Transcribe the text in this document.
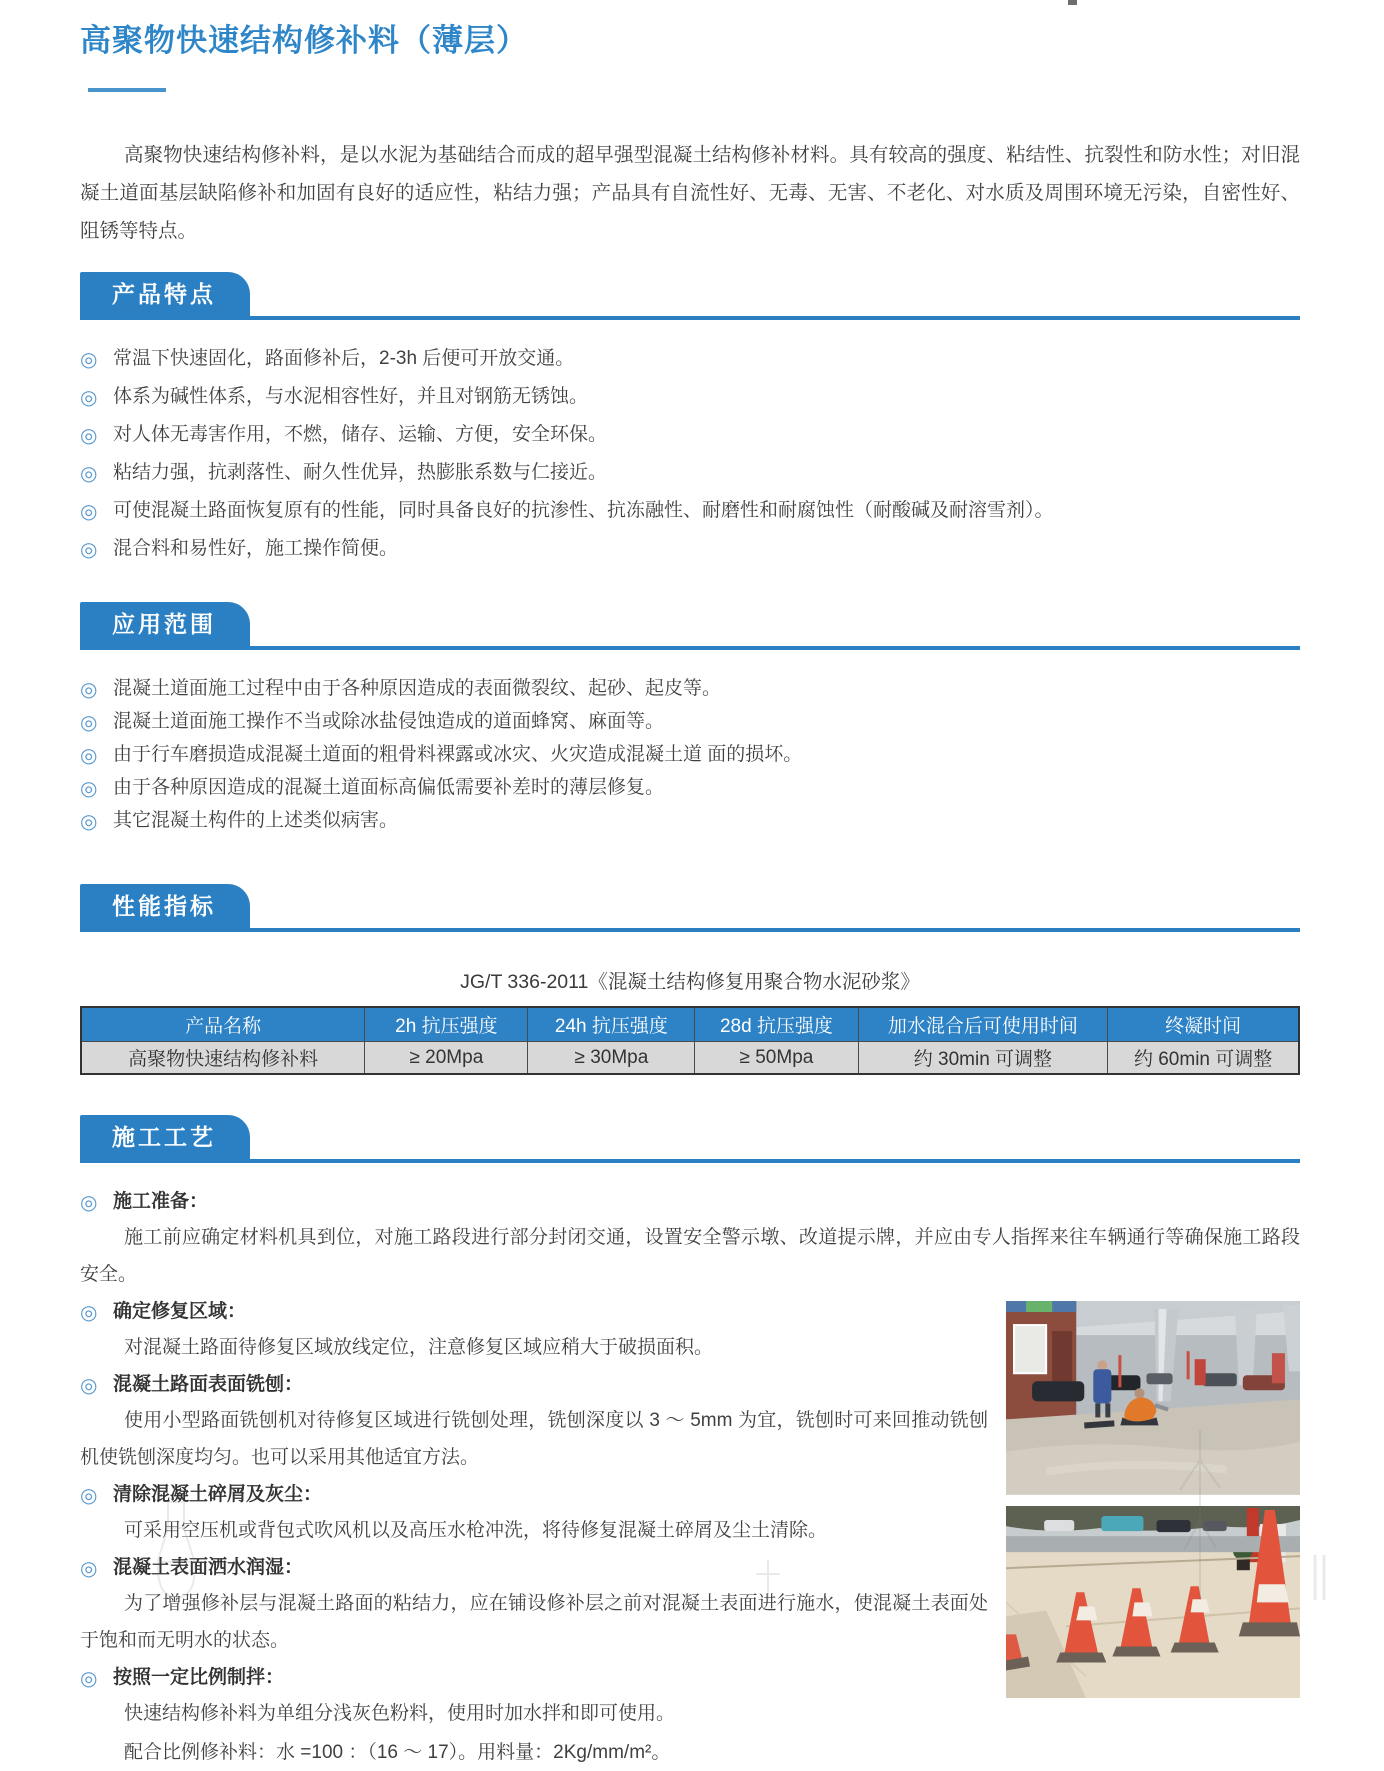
高聚物快速结构修补料（薄层）
高聚物快速结构修补料，是以水泥为基础结合而成的超早强型混凝土结构修补材料。具有较高的强度、粘结性、抗裂性和防水性；对旧混凝土道面基层缺陷修补和加固有良好的适应性，粘结力强；产品具有自流性好、无毒、无害、不老化、对水质及周围环境无污染，自密性好、阻锈等特点。
产品特点
◎ 常温下快速固化，路面修补后，2-3h 后便可开放交通。
◎ 体系为碱性体系，与水泥相容性好，并且对钢筋无锈蚀。
◎ 对人体无毒害作用，不燃，储存、运输、方便，安全环保。
◎ 粘结力强，抗剥落性、耐久性优异，热膨胀系数与仁接近。
◎ 可使混凝土路面恢复原有的性能，同时具备良好的抗渗性、抗冻融性、耐磨性和耐腐蚀性（耐酸碱及耐溶雪剂）。
◎ 混合料和易性好，施工操作简便。
应用范围
◎ 混凝土道面施工过程中由于各种原因造成的表面微裂纹、起砂、起皮等。
◎ 混凝土道面施工操作不当或除冰盐侵蚀造成的道面蜂窝、麻面等。
◎ 由于行车磨损造成混凝土道面的粗骨料裸露或冰灾、火灾造成混凝土道 面的损坏。
◎ 由于各种原因造成的混凝土道面标高偏低需要补差时的薄层修复。
◎ 其它混凝土构件的上述类似病害。
性能指标
JG/T 336-2011《混凝土结构修复用聚合物水泥砂浆》
产品名称	2h 抗压强度	24h 抗压强度	28d 抗压强度	加水混合后可使用时间	终凝时间
高聚物快速结构修补料	≥ 20Mpa	≥ 30Mpa	≥ 50Mpa	约 30min 可调整	约 60min 可调整
施工工艺
◎ 施工准备：
施工前应确定材料机具到位，对施工路段进行部分封闭交通，设置安全警示墩、改道提示牌，并应由专人指挥来往车辆通行等确保施工路段安全。
◎ 确定修复区域：
对混凝土路面待修复区域放线定位，注意修复区域应稍大于破损面积。
◎ 混凝土路面表面铣刨：
使用小型路面铣刨机对待修复区域进行铣刨处理，铣刨深度以 3 ～ 5mm 为宜，铣刨时可来回推动铣刨机使铣刨深度均匀。也可以采用其他适宜方法。
◎ 清除混凝土碎屑及灰尘：
可采用空压机或背包式吹风机以及高压水枪冲洗，将待修复混凝土碎屑及尘土清除。
◎ 混凝土表面洒水润湿：
为了增强修补层与混凝土路面的粘结力，应在铺设修补层之前对混凝土表面进行施水，使混凝土表面处于饱和而无明水的状态。
◎ 按照一定比例制拌：
快速结构修补料为单组分浅灰色粉料，使用时加水拌和即可使用。
配合比例修补料：水 =100 ：（16 ～ 17）。用料量：2Kg/mm/m²。
